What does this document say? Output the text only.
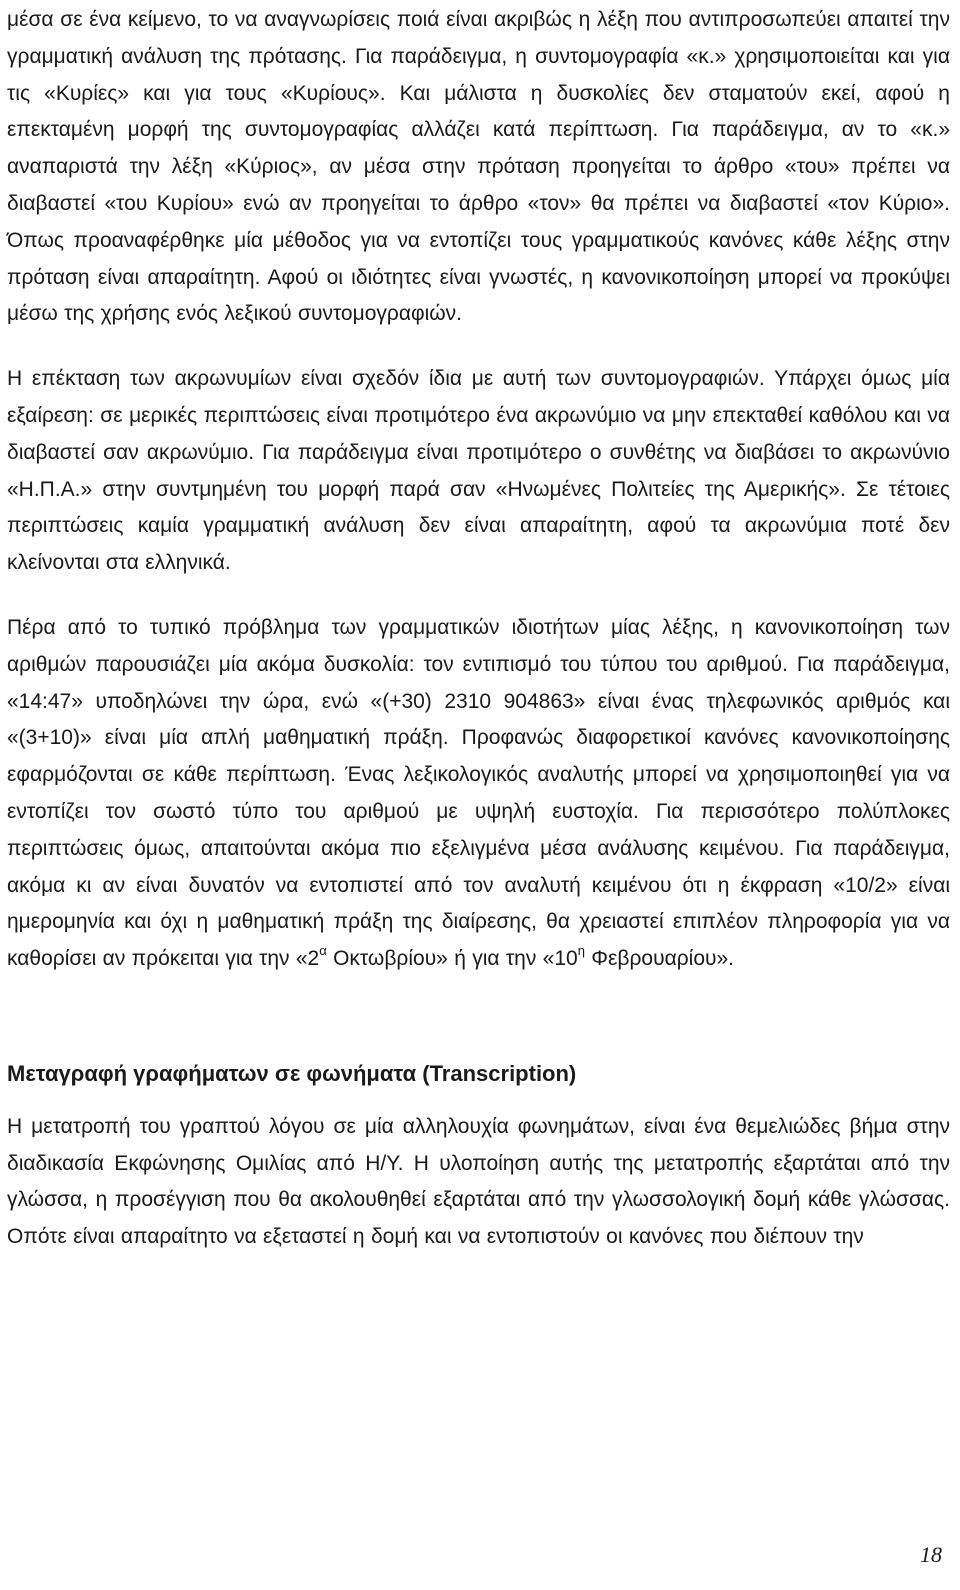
μέσα σε ένα κείμενο, το να αναγνωρίσεις ποιά είναι ακριβώς η λέξη που αντιπροσωπεύει απαιτεί την γραμματική ανάλυση της πρότασης. Για παράδειγμα, η συντομογραφία «κ.» χρησιμοποιείται και για τις «Κυρίες» και για τους «Κυρίους». Και μάλιστα η δυσκολίες δεν σταματούν εκεί, αφού η επεκταμένη μορφή της συντομογραφίας αλλάζει κατά περίπτωση. Για παράδειγμα, αν το «κ.» αναπαριστά την λέξη «Κύριος», αν μέσα στην πρόταση προηγείται το άρθρο «του» πρέπει να διαβαστεί «του Κυρίου» ενώ αν προηγείται το άρθρο «τον» θα πρέπει να διαβαστεί «τον Κύριο». Όπως προαναφέρθηκε μία μέθοδος για να εντοπίζει τους γραμματικούς κανόνες κάθε λέξης στην πρόταση είναι απαραίτητη. Αφού οι ιδιότητες είναι γνωστές, η κανονικοποίηση μπορεί να προκύψει μέσω της χρήσης ενός λεξικού συντομογραφιών.

Η επέκταση των ακρωνυμίων είναι σχεδόν ίδια με αυτή των συντομογραφιών. Υπάρχει όμως μία εξαίρεση: σε μερικές περιπτώσεις είναι προτιμότερο ένα ακρωνύμιο να μην επεκταθεί καθόλου και να διαβαστεί σαν ακρωνύμιο. Για παράδειγμα είναι προτιμότερο ο συνθέτης να διαβάσει το ακρωνύνιο «Η.Π.Α.» στην συντμημένη του μορφή παρά σαν «Ηνωμένες Πολιτείες της Αμερικής». Σε τέτοιες περιπτώσεις καμία γραμματική ανάλυση δεν είναι απαραίτητη, αφού τα ακρωνύμια ποτέ δεν κλείνονται στα ελληνικά.

Πέρα από το τυπικό πρόβλημα των γραμματικών ιδιοτήτων μίας λέξης, η κανονικοποίηση των αριθμών παρουσιάζει μία ακόμα δυσκολία: τον εντιπισμό του τύπου του αριθμού. Για παράδειγμα, «14:47» υποδηλώνει την ώρα, ενώ «(+30) 2310 904863» είναι ένας τηλεφωνικός αριθμός και «(3+10)» είναι μία απλή μαθηματική πράξη. Προφανώς διαφορετικοί κανόνες κανονικοποίησης εφαρμόζονται σε κάθε περίπτωση. Ένας λεξικολογικός αναλυτής μπορεί να χρησιμοποιηθεί για να εντοπίζει τον σωστό τύπο του αριθμού με υψηλή ευστοχία. Για περισσότερο πολύπλοκες περιπτώσεις όμως, απαιτούνται ακόμα πιο εξελιγμένα μέσα ανάλυσης κειμένου. Για παράδειγμα, ακόμα κι αν είναι δυνατόν να εντοπιστεί από τον αναλυτή κειμένου ότι η έκφραση «10/2» είναι ημερομηνία και όχι η μαθηματική πράξη της διαίρεσης, θα χρειαστεί επιπλέον πληροφορία για να καθορίσει αν πρόκειται για την «$2^\alpha$ Οκτωβρίου» ή για την «$10^\eta$ Φεβρουαρίου».

Μεταγραφή γραφήματων σε φωνήματα (Transcription)

Η μετατροπή του γραπτού λόγου σε μία αλληλουχία φωνημάτων, είναι ένα θεμελιώδες βήμα στην διαδικασία Εκφώνησης Ομιλίας από Η/Υ. Η υλοποίηση αυτής της μετατροπής εξαρτάται από την γλώσσα, η προσέγγιση που θα ακολουθηθεί εξαρτάται από την γλωσσολογική δομή κάθε γλώσσας. Οπότε είναι απαραίτητο να εξεταστεί η δομή και να εντοπιστούν οι κανόνες που διέπουν την

18
